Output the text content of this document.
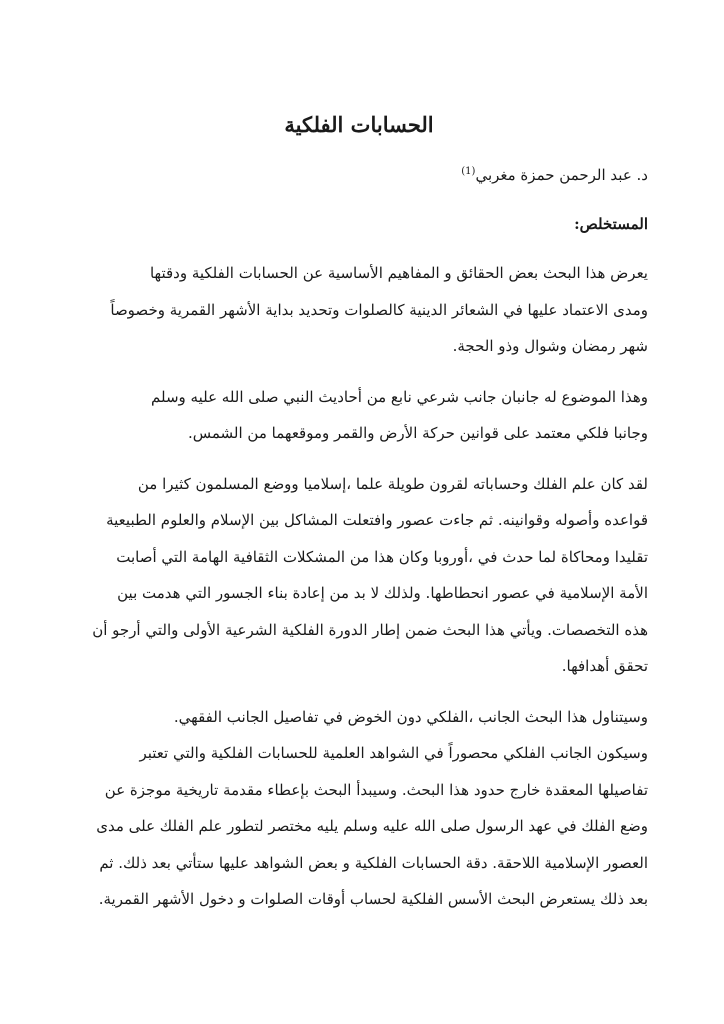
الحسابات الفلكية

د. عبد الرحمن حمزة مغربي$^{(1)}$

المستخلص:

يعرض هذا البحث بعض الحقائق و المفاهيم الأساسية عن الحسابات الفلكية ودقتها
ومدى الاعتماد عليها في الشعائر الدينية كالصلوات وتحديد بداية الأشهر القمرية وخصوصاً
شهر رمضان وشوال وذو الحجة.

وهذا الموضوع له جانبان جانب شرعي نابع من أحاديث النبي صلى الله عليه وسلم
وجانبا فلكي معتمد على قوانين حركة الأرض والقمر وموقعهما من الشمس.

لقد كان علم الفلك وحساباته لقرون طويلة علما ،إسلاميا ووضع المسلمون كثيرا من
قواعده وأصوله وقوانينه. ثم جاءت عصور وافتعلت المشاكل بين الإسلام والعلوم الطبيعية
تقليدا ومحاكاة لما حدث في ،أوروبا وكان هذا من المشكلات الثقافية الهامة التي أصابت
الأمة الإسلامية في عصور انحطاطها. ولذلك لا بد من إعادة بناء الجسور التي هدمت بين
هذه التخصصات. ويأتي هذا البحث ضمن إطار الدورة الفلكية الشرعية الأولى والتي أرجو أن
تحقق أهدافها.

وسيتناول هذا البحث الجانب ،الفلكي دون الخوض في تفاصيل الجانب الفقهي.
وسيكون الجانب الفلكي محصوراً في الشواهد العلمية للحسابات الفلكية والتي تعتبر
تفاصيلها المعقدة خارج حدود هذا البحث. وسيبدأ البحث بإعطاء مقدمة تاريخية موجزة عن
وضع الفلك في عهد الرسول صلى الله عليه وسلم يليه مختصر لتطور علم الفلك على مدى
العصور الإسلامية اللاحقة. دقة الحسابات الفلكية و بعض الشواهد عليها ستأتي بعد ذلك. ثم
بعد ذلك يستعرض البحث الأسس الفلكية لحساب أوقات الصلوات و دخول الأشهر القمرية.
